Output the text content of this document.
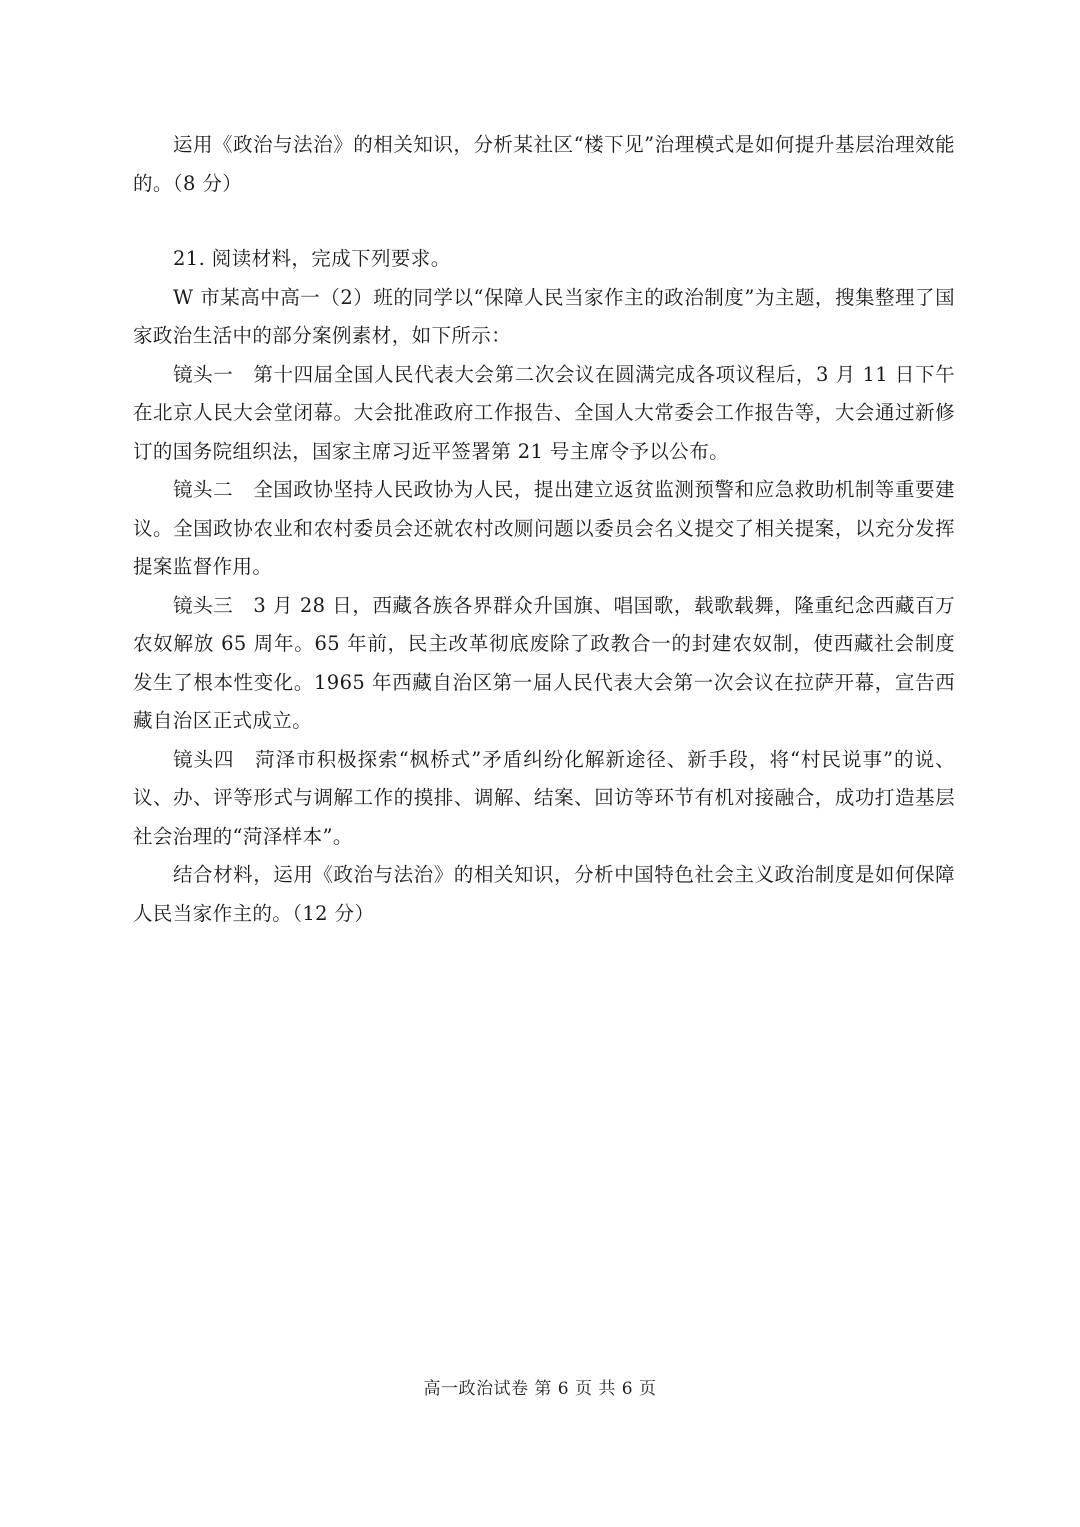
运用《政治与法治》的相关知识，分析某社区“楼下见”治理模式是如何提升基层治理效能的。（8 分）

21. 阅读材料，完成下列要求。

W 市某高中高一（2）班的同学以“保障人民当家作主的政治制度”为主题，搜集整理了国家政治生活中的部分案例素材，如下所示：

镜头一　第十四届全国人民代表大会第二次会议在圆满完成各项议程后，3 月 11 日下午在北京人民大会堂闭幕。大会批准政府工作报告、全国人大常委会工作报告等，大会通过新修订的国务院组织法，国家主席习近平签署第 21 号主席令予以公布。

镜头二　全国政协坚持人民政协为人民，提出建立返贫监测预警和应急救助机制等重要建议。全国政协农业和农村委员会还就农村改厕问题以委员会名义提交了相关提案，以充分发挥提案监督作用。

镜头三　3 月 28 日，西藏各族各界群众升国旗、唱国歌，载歌载舞，隆重纪念西藏百万农奴解放 65 周年。65 年前，民主改革彻底废除了政教合一的封建农奴制，使西藏社会制度发生了根本性变化。1965 年西藏自治区第一届人民代表大会第一次会议在拉萨开幕，宣告西藏自治区正式成立。

镜头四　菏泽市积极探索“枫桥式”矛盾纠纷化解新途径、新手段，将“村民说事”的说、议、办、评等形式与调解工作的摸排、调解、结案、回访等环节有机对接融合，成功打造基层社会治理的“菏泽样本”。

结合材料，运用《政治与法治》的相关知识，分析中国特色社会主义政治制度是如何保障人民当家作主的。（12 分）

高一政治试卷 第 6 页 共 6 页
